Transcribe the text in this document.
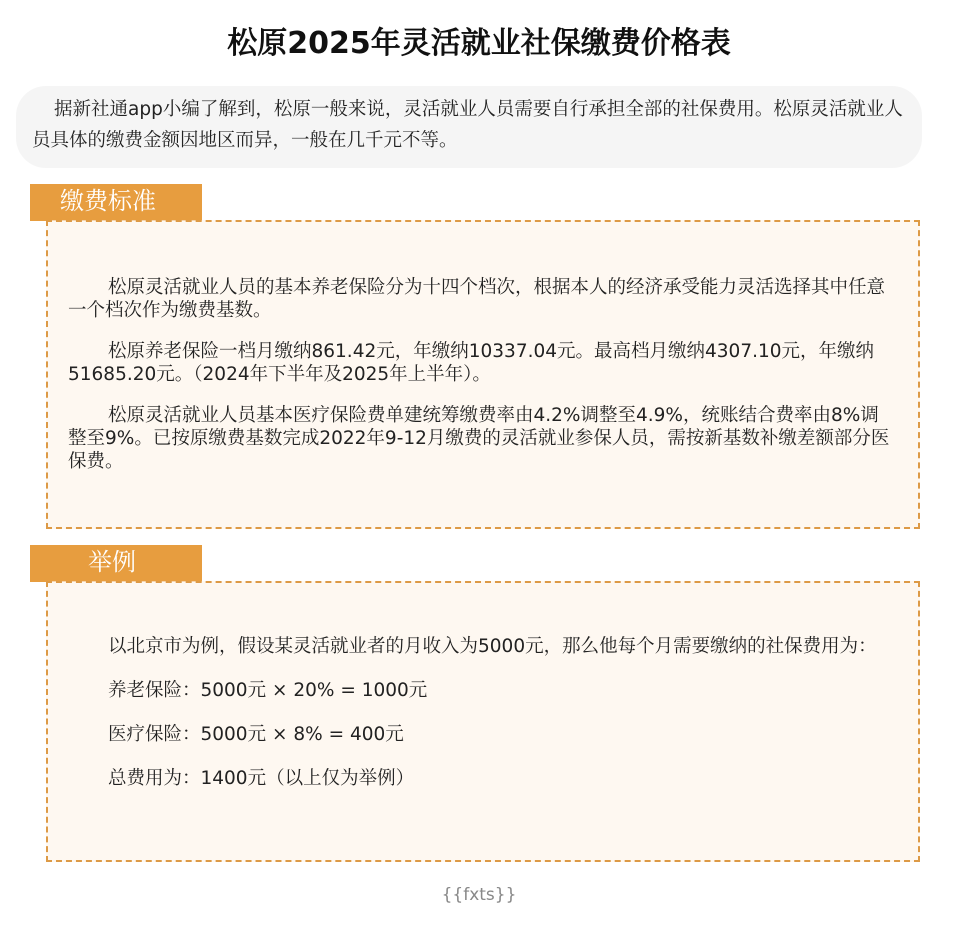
松原2025年灵活就业社保缴费价格表
据新社通app小编了解到，松原一般来说，灵活就业人员需要自行承担全部的社保费用。松原灵活就业人员具体的缴费金额因地区而异，一般在几千元不等。
缴费标准

松原灵活就业人员的基本养老保险分为十四个档次，根据本人的经济承受能力灵活选择其中任意一个档次作为缴费基数。

松原养老保险一档月缴纳861.42元，年缴纳10337.04元。最高档月缴纳4307.10元，年缴纳51685.20元。（2024年下半年及2025年上半年）。

松原灵活就业人员基本医疗保险费单建统筹缴费率由4.2%调整至4.9%，统账结合费率由8%调整至9%。已按原缴费基数完成2022年9-12月缴费的灵活就业参保人员，需按新基数补缴差额部分医保费。

举例

以北京市为例，假设某灵活就业者的月收入为5000元，那么他每个月需要缴纳的社保费用为：

养老保险：5000元 × 20% = 1000元

医疗保险：5000元 × 8% = 400元

总费用为：1400元（以上仅为举例）

{{fxts}}
